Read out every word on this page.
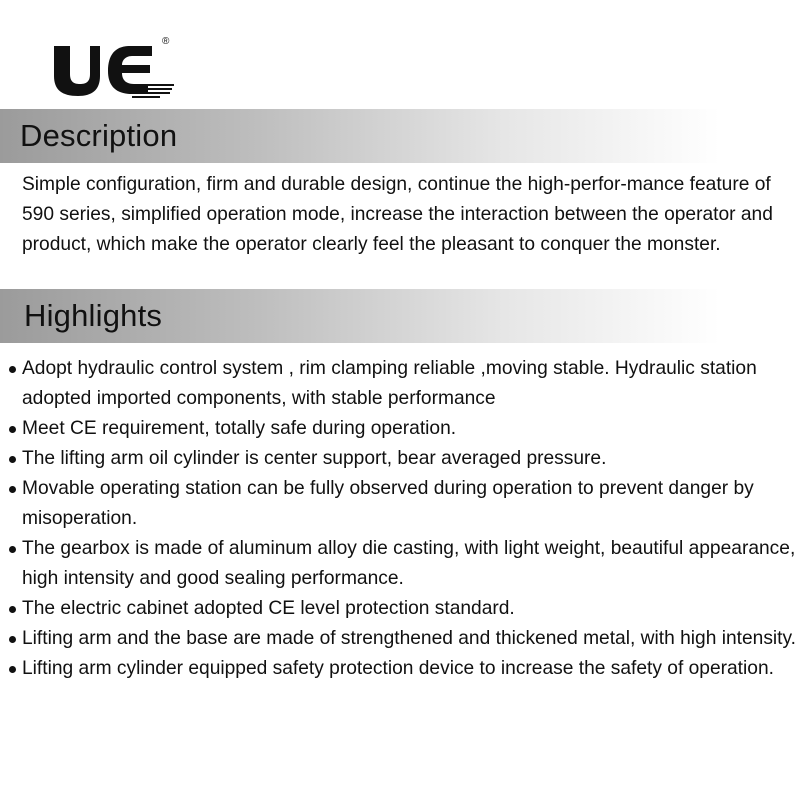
®
Description

Simple configuration, firm and durable design, continue the high-perfor-mance feature of 590 series, simplified operation mode, increase the interaction between the operator and product, which make the operator clearly feel the pleasant to conquer the monster.

Highlights
Adopt hydraulic control system , rim clamping reliable ,moving stable. Hydraulic station adopted imported components, with stable performance
Meet CE requirement, totally safe during operation.
The lifting arm oil cylinder is center support, bear averaged pressure.
Movable operating station can be fully observed during operation to prevent danger by misoperation.
The gearbox is made of aluminum alloy die casting, with light weight, beautiful appearance, high intensity and good sealing performance.
The electric cabinet adopted CE level protection standard.
Lifting arm and the base are made of strengthened and thickened metal, with high intensity.
Lifting arm cylinder equipped safety protection device to increase the safety of operation.
